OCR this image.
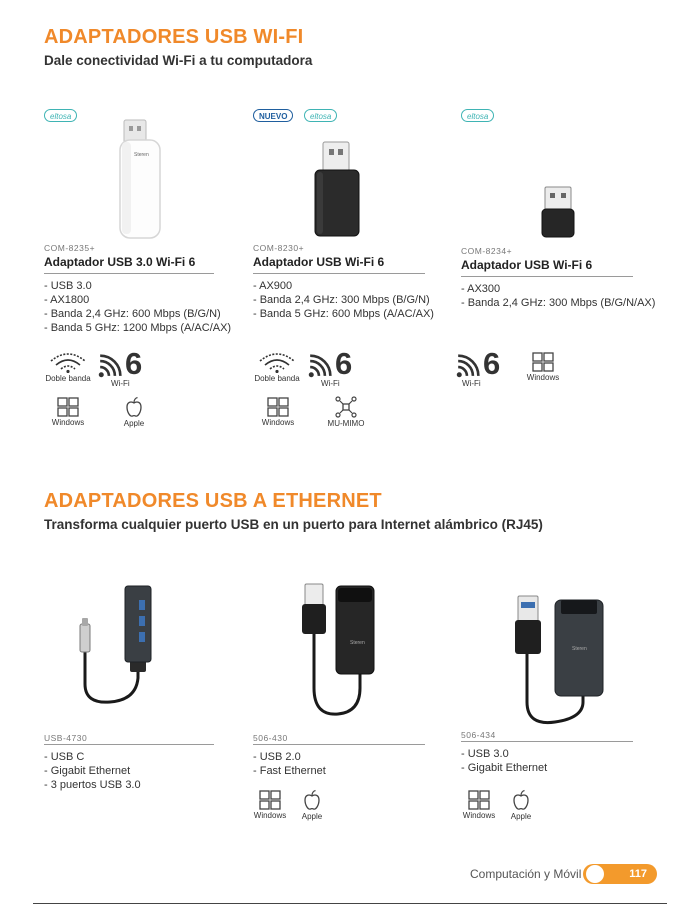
ADAPTADORES USB WI-FI
Dale conectividad Wi-Fi a tu computadora
eltosa
Steren
COM-8235+
Adaptador USB 3.0 Wi-Fi 6
- USB 3.0
- AX1800
- Banda 2,4 GHz: 600 Mbps (B/G/N)
- Banda 5 GHz: 1200 Mbps (A/AC/AX)
Doble banda 6
Wi-Fi
Windows	Apple
NUEVO	eltosa
COM-8230+
Adaptador USB Wi-Fi 6
- AX900
- Banda 2,4 GHz: 300 Mbps (B/G/N)
- Banda 5 GHz: 600 Mbps (A/AC/AX)
Doble banda 6
Wi-Fi
Windows	MU-MIMO
eltosa
COM-8234+
Adaptador USB Wi-Fi 6
- AX300
- Banda 2,4 GHz: 300 Mbps (B/G/N/AX)
6
Wi-Fi
Windows
ADAPTADORES USB A ETHERNET
Transforma cualquier puerto USB en un puerto para Internet alámbrico (RJ45)
USB-4730
- USB C
- Gigabit Ethernet
- 3 puertos USB 3.0
Steren
506-430
- USB 2.0
- Fast Ethernet
Windows	Apple
Steren
506-434
- USB 3.0
- Gigabit Ethernet
Windows	Apple
Computación y Móvil	117
